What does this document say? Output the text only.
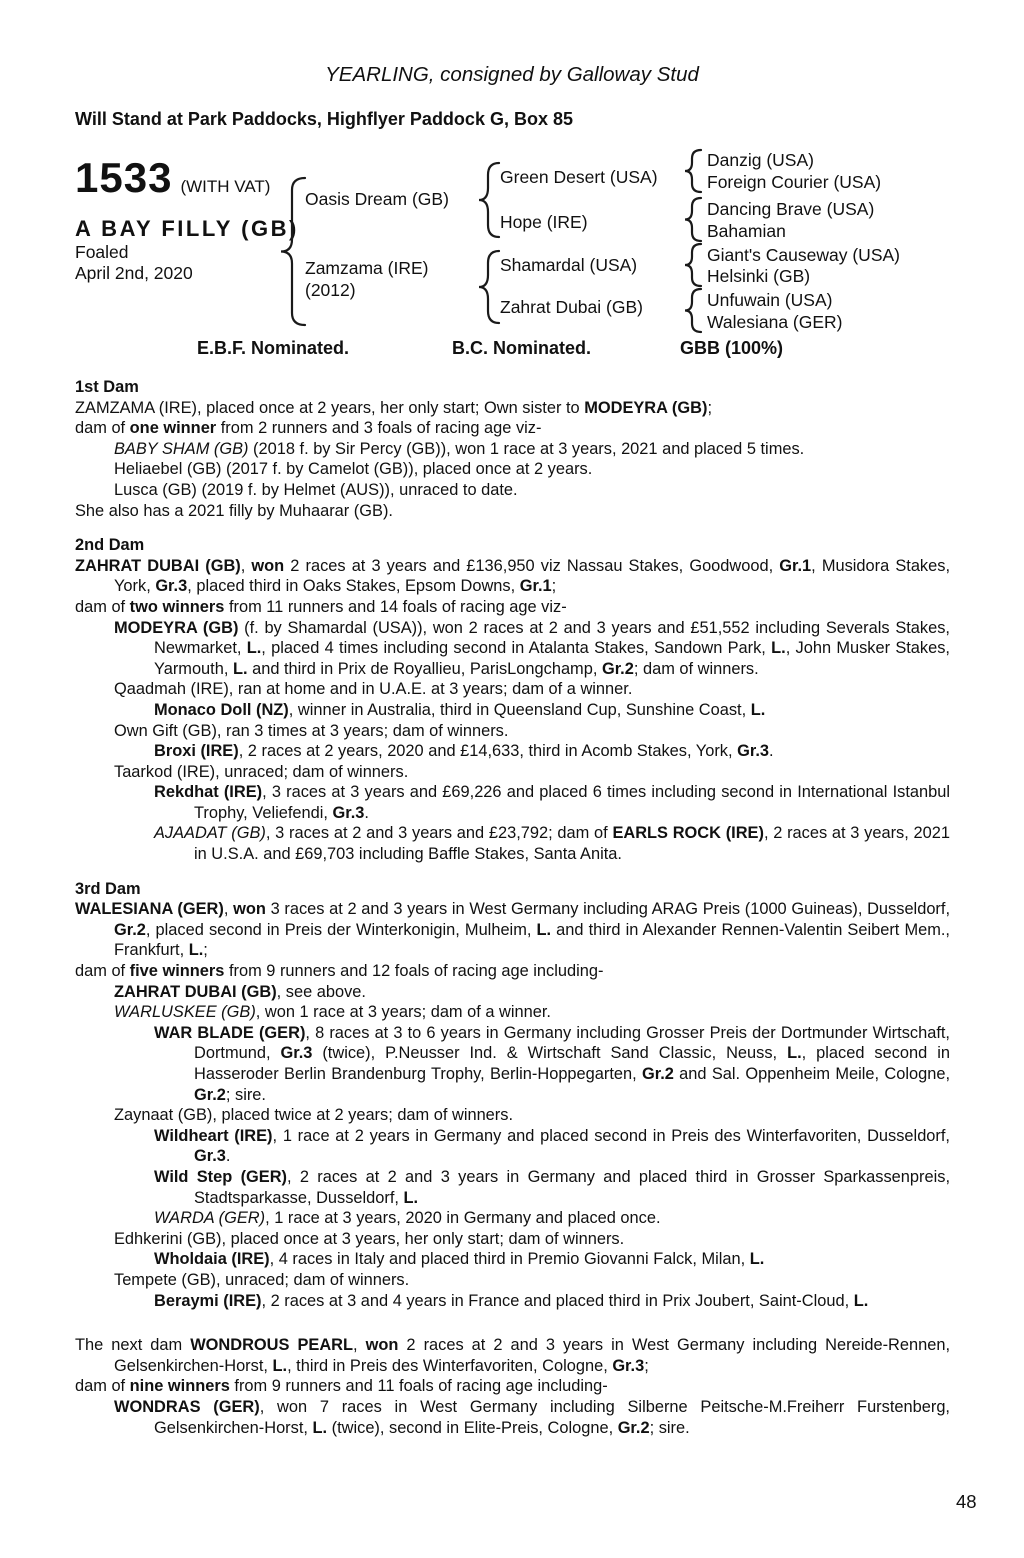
YEARLING, consigned by Galloway Stud
Will Stand at Park Paddocks, Highflyer Paddock G, Box 85
1533 (WITH VAT)
A BAY FILLY (GB)
Foaled
April 2nd, 2020
Oasis Dream (GB)
Zamzama (IRE)
(2012)
Green Desert (USA)
Hope (IRE)
Shamardal (USA)
Zahrat Dubai (GB)
Danzig (USA)
Foreign Courier (USA)
Dancing Brave (USA)
Bahamian
Giant's Causeway (USA)
Helsinki (GB)
Unfuwain (USA)
Walesiana (GER)
E.B.F. Nominated.	B.C. Nominated.	GBB (100%)
1st Dam
ZAMZAMA (IRE), placed once at 2 years, her only start; Own sister to MODEYRA (GB);
dam of one winner from 2 runners and 3 foals of racing age viz-
BABY SHAM (GB) (2018 f. by Sir Percy (GB)), won 1 race at 3 years, 2021 and placed 5 times.
Heliaebel (GB) (2017 f. by Camelot (GB)), placed once at 2 years.
Lusca (GB) (2019 f. by Helmet (AUS)), unraced to date.
She also has a 2021 filly by Muhaarar (GB).
2nd Dam
ZAHRAT DUBAI (GB), won 2 races at 3 years and £136,950 viz Nassau Stakes, Goodwood, Gr.1, Musidora Stakes, York, Gr.3, placed third in Oaks Stakes, Epsom Downs, Gr.1;
dam of two winners from 11 runners and 14 foals of racing age viz-
MODEYRA (GB) (f. by Shamardal (USA)), won 2 races at 2 and 3 years and £51,552 including Severals Stakes, Newmarket, L., placed 4 times including second in Atalanta Stakes, Sandown Park, L., John Musker Stakes, Yarmouth, L. and third in Prix de Royallieu, ParisLongchamp, Gr.2; dam of winners.
Qaadmah (IRE), ran at home and in U.A.E. at 3 years; dam of a winner.
Monaco Doll (NZ), winner in Australia, third in Queensland Cup, Sunshine Coast, L.
Own Gift (GB), ran 3 times at 3 years; dam of winners.
Broxi (IRE), 2 races at 2 years, 2020 and £14,633, third in Acomb Stakes, York, Gr.3.
Taarkod (IRE), unraced; dam of winners.
Rekdhat (IRE), 3 races at 3 years and £69,226 and placed 6 times including second in International Istanbul Trophy, Veliefendi, Gr.3.
AJAADAT (GB), 3 races at 2 and 3 years and £23,792; dam of EARLS ROCK (IRE), 2 races at 3 years, 2021 in U.S.A. and £69,703 including Baffle Stakes, Santa Anita.
3rd Dam
WALESIANA (GER), won 3 races at 2 and 3 years in West Germany including ARAG Preis (1000 Guineas), Dusseldorf, Gr.2, placed second in Preis der Winterkonigin, Mulheim, L. and third in Alexander Rennen-Valentin Seibert Mem., Frankfurt, L.;
dam of five winners from 9 runners and 12 foals of racing age including-
ZAHRAT DUBAI (GB), see above.
WARLUSKEE (GB), won 1 race at 3 years; dam of a winner.
WAR BLADE (GER), 8 races at 3 to 6 years in Germany including Grosser Preis der Dortmunder Wirtschaft, Dortmund, Gr.3 (twice), P.Neusser Ind. & Wirtschaft Sand Classic, Neuss, L., placed second in Hasseroder Berlin Brandenburg Trophy, Berlin-Hoppegarten, Gr.2 and Sal. Oppenheim Meile, Cologne, Gr.2; sire.
Zaynaat (GB), placed twice at 2 years; dam of winners.
Wildheart (IRE), 1 race at 2 years in Germany and placed second in Preis des Winterfavoriten, Dusseldorf, Gr.3.
Wild Step (GER), 2 races at 2 and 3 years in Germany and placed third in Grosser Sparkassenpreis, Stadtsparkasse, Dusseldorf, L.
WARDA (GER), 1 race at 3 years, 2020 in Germany and placed once.
Edhkerini (GB), placed once at 3 years, her only start; dam of winners.
Wholdaia (IRE), 4 races in Italy and placed third in Premio Giovanni Falck, Milan, L.
Tempete (GB), unraced; dam of winners.
Beraymi (IRE), 2 races at 3 and 4 years in France and placed third in Prix Joubert, Saint-Cloud, L.
The next dam WONDROUS PEARL, won 2 races at 2 and 3 years in West Germany including Nereide-Rennen, Gelsenkirchen-Horst, L., third in Preis des Winterfavoriten, Cologne, Gr.3;
dam of nine winners from 9 runners and 11 foals of racing age including-
WONDRAS (GER), won 7 races in West Germany including Silberne Peitsche-M.Freiherr Furstenberg, Gelsenkirchen-Horst, L. (twice), second in Elite-Preis, Cologne, Gr.2; sire.
48
